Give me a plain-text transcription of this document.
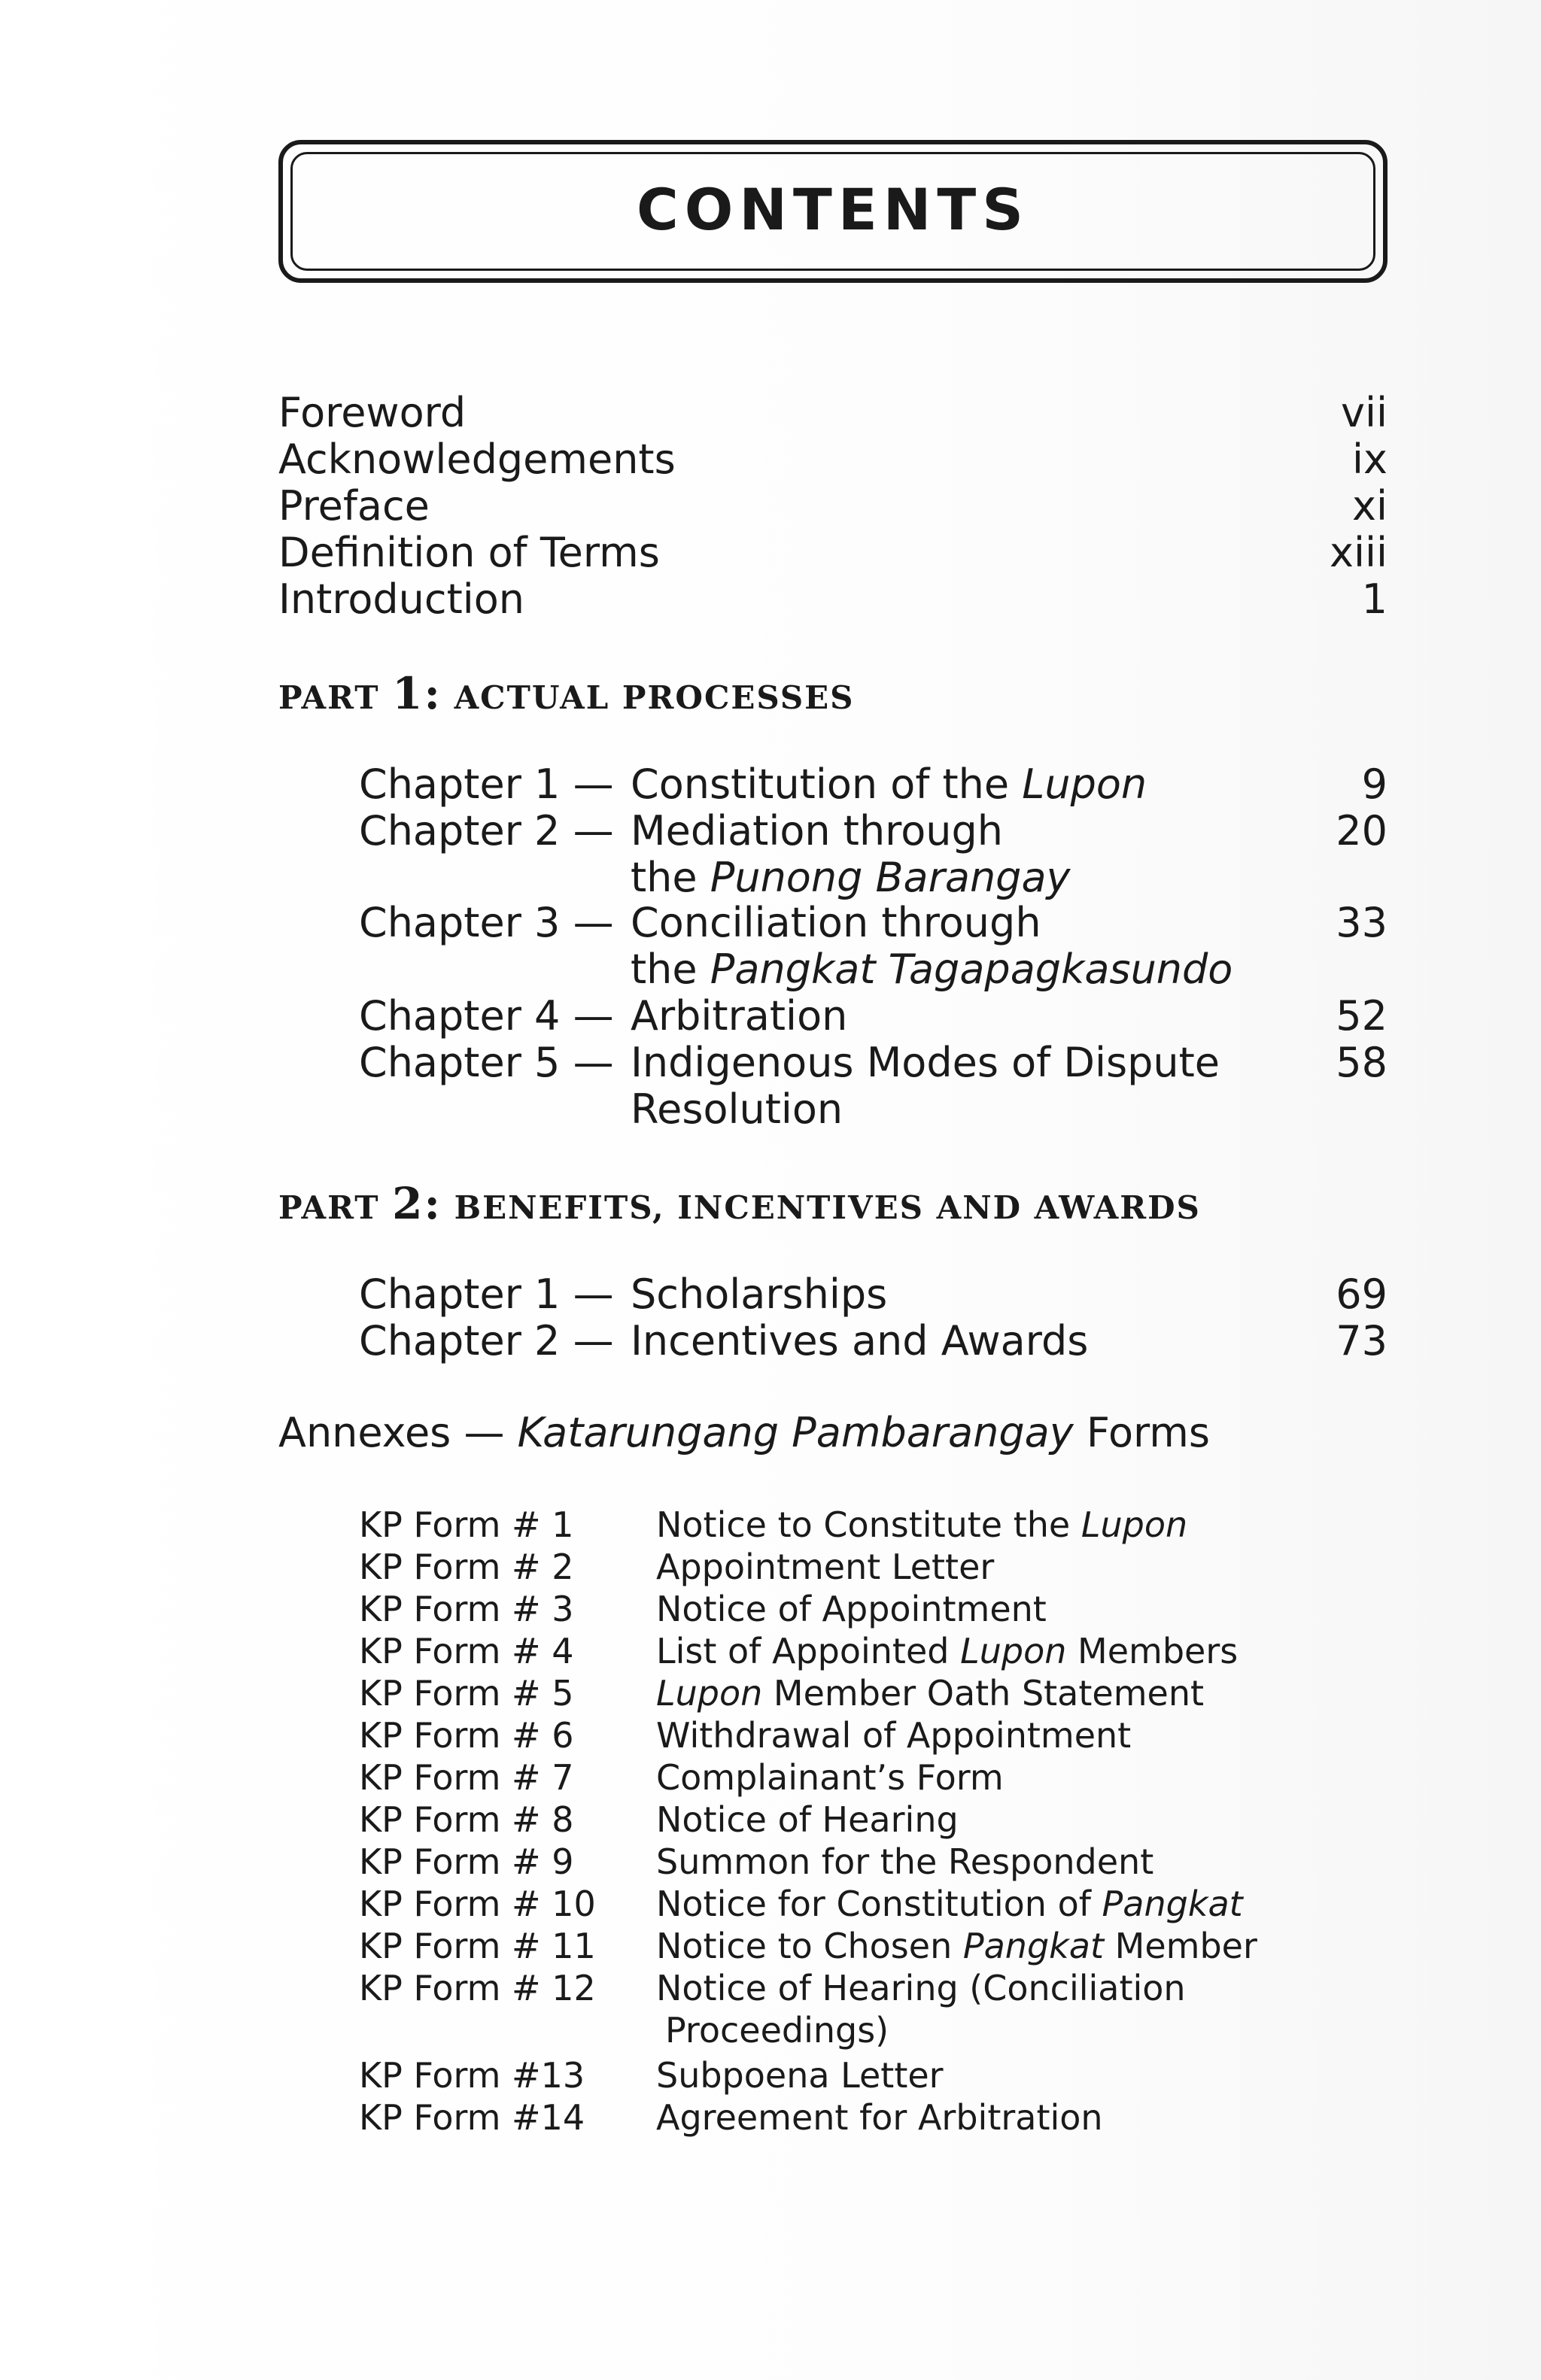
CONTENTS
Foreword	vii
Acknowledgements	ix
Preface	xi
Definition of Terms	xiii
Introduction	1
PART 1: ACTUAL PROCESSES
Chapter 1 — Constitution of the Lupon	9
Chapter 2 — Mediation through	20
the Punong Barangay
Chapter 3 — Conciliation through	33
the Pangkat Tagapagkasundo
Chapter 4 — Arbitration	52
Chapter 5 — Indigenous Modes of Dispute	58
Resolution
PART 2: BENEFITS, INCENTIVES AND AWARDS
Chapter 1 — Scholarships	69
Chapter 2 — Incentives and Awards	73
Annexes — Katarungang Pambarangay Forms
KP Form # 1 Notice to Constitute the Lupon
KP Form # 2 Appointment Letter
KP Form # 3 Notice of Appointment
KP Form # 4 List of Appointed Lupon Members
KP Form # 5 Lupon Member Oath Statement
KP Form # 6 Withdrawal of Appointment
KP Form # 7 Complainant’s Form
KP Form # 8 Notice of Hearing
KP Form # 9 Summon for the Respondent
KP Form # 10 Notice for Constitution of Pangkat
KP Form # 11 Notice to Chosen Pangkat Member
KP Form # 12 Notice of Hearing (Conciliation
Proceedings)
KP Form #13 Subpoena Letter
KP Form #14 Agreement for Arbitration
